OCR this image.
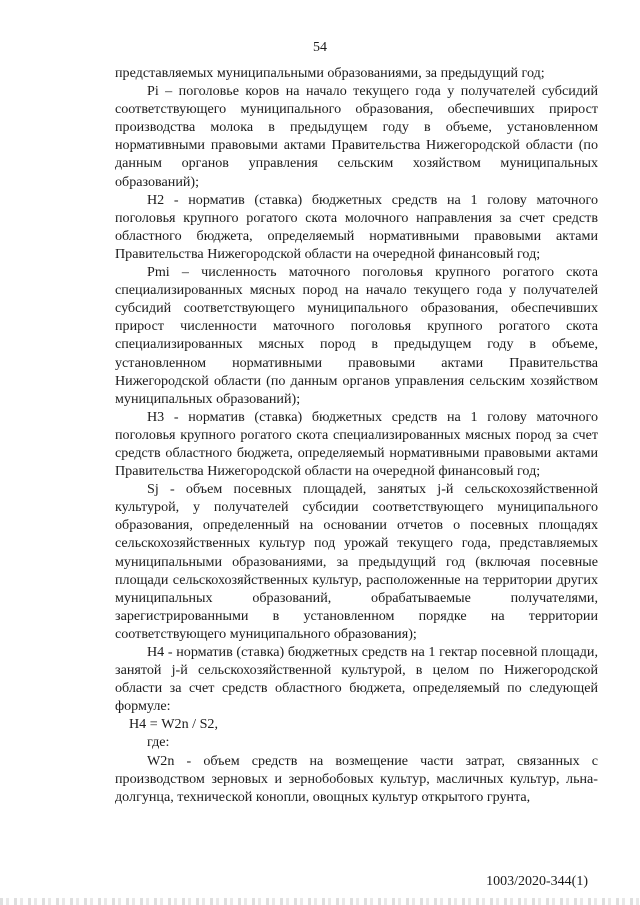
54

представляемых муниципальными образованиями, за предыдущий год;

Pi – поголовье коров на начало текущего года у получателей субсидий соответствующего муниципального образования, обеспечивших прирост производства молока в предыдущем году в объеме, установленном нормативными правовыми актами Правительства Нижегородской области (по данным органов управления сельским хозяйством муниципальных образований);

Н2 - норматив (ставка) бюджетных средств на 1 голову маточного поголовья крупного рогатого скота молочного направления за счет средств областного бюджета, определяемый нормативными правовыми актами Правительства Нижегородской области на очередной финансовый год;

Pmi – численность маточного поголовья крупного рогатого скота специализированных мясных пород на начало текущего года у получателей субсидий соответствующего муниципального образования, обеспечивших прирост численности маточного поголовья крупного рогатого скота специализированных мясных пород в предыдущем году в объеме, установленном нормативными правовыми актами Правительства Нижегородской области (по данным органов управления сельским хозяйством муниципальных образований);

Н3 - норматив (ставка) бюджетных средств на 1 голову маточного поголовья крупного рогатого скота специализированных мясных пород за счет средств областного бюджета, определяемый нормативными правовыми актами Правительства Нижегородской области на очередной финансовый год;

Sj - объем посевных площадей, занятых j-й сельскохозяйственной культурой, у получателей субсидии соответствующего муниципального образования, определенный на основании отчетов о посевных площадях сельскохозяйственных культур под урожай текущего года, представляемых муниципальными образованиями, за предыдущий год (включая посевные площади сельскохозяйственных культур, расположенные на территории других муниципальных образований, обрабатываемые получателями, зарегистрированными в установленном порядке на территории соответствующего муниципального образования);

Н4 - норматив (ставка) бюджетных средств на 1 гектар посевной площади, занятой j-й сельскохозяйственной культурой, в целом по Нижегородской области за счет средств областного бюджета, определяемый по следующей формуле:

Н4 = W2n / S2,

где:

W2n - объем средств на возмещение части затрат, связанных с производством зерновых и зернобобовых культур, масличных культур, льна-долгунца, технической конопли, овощных культур открытого грунта,

1003/2020-344(1)
